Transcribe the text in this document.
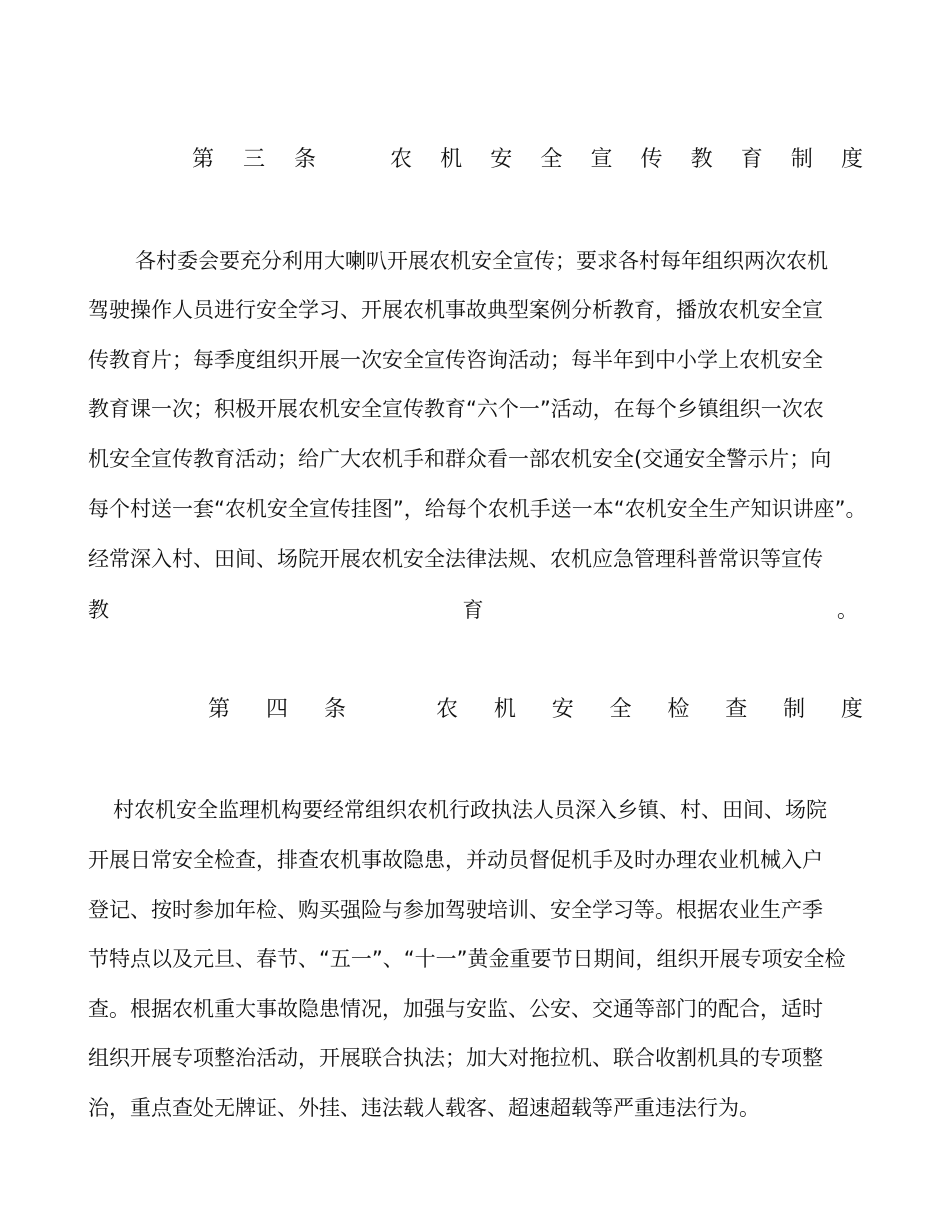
第 三 条	农 机 安 全 宣 传 教 育 制 度
各村委会要充分利用大喇叭开展农机安全宣传；要求各村每年组织两次农机
驾驶操作人员进行安全学习、开展农机事故典型案例分析教育，播放农机安全宣
传教育片；每季度组织开展一次安全宣传咨询活动；每半年到中小学上农机安全
教育课一次；积极开展农机安全宣传教育“六个一”活动，在每个乡镇组织一次农
机安全宣传教育活动；给广大农机手和群众看一部农机安全(交通安全警示片；向
每个村送一套“农机安全宣传挂图”，给每个农机手送一本“农机安全生产知识讲座”。
经常深入村、田间、场院开展农机安全法律法规、农机应急管理科普常识等宣传
教	育	。
第 四 条	农 机 安 全 检 查 制 度
村农机安全监理机构要经常组织农机行政执法人员深入乡镇、村、田间、场院
开展日常安全检查，排查农机事故隐患，并动员督促机手及时办理农业机械入户
登记、按时参加年检、购买强险与参加驾驶培训、安全学习等。根据农业生产季
节特点以及元旦、春节、“五一”、“十一”黄金重要节日期间，组织开展专项安全检
查。根据农机重大事故隐患情况，加强与安监、公安、交通等部门的配合，适时
组织开展专项整治活动，开展联合执法；加大对拖拉机、联合收割机具的专项整
治，重点查处无牌证、外挂、违法载人载客、超速超载等严重违法行为。
